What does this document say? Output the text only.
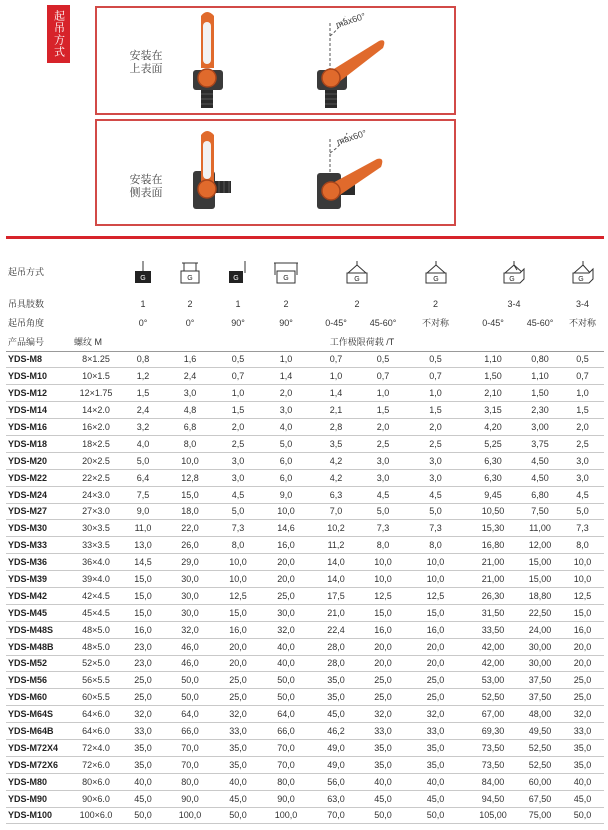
起吊方式	安装在上表面
max60°
安装在侧表面
max60°
起吊方式		G	G	G	G	G		G	G		G

吊具肢数		1	2	1	2	2		2	3-4		3-4
起吊角度		0°	0°	90°	90°	0-45°	45-60°	不对称	0-45°	45-60°	不对称
产品编号	螺纹 M	工作极限荷载 /T									
YDS-M8	8×1.25	0,8	1,6	0,5	1,0	0,7	0,5	0,5	1,10	0,80	0,5
YDS-M10	10×1.5	1,2	2,4	0,7	1,4	1,0	0,7	0,7	1,50	1,10	0,7
YDS-M12	12×1.75	1,5	3,0	1,0	2,0	1,4	1,0	1,0	2,10	1,50	1,0
YDS-M14	14×2.0	2,4	4,8	1,5	3,0	2,1	1,5	1,5	3,15	2,30	1,5
YDS-M16	16×2.0	3,2	6,8	2,0	4,0	2,8	2,0	2,0	4,20	3,00	2,0
YDS-M18	18×2.5	4,0	8,0	2,5	5,0	3,5	2,5	2,5	5,25	3,75	2,5
YDS-M20	20×2.5	5,0	10,0	3,0	6,0	4,2	3,0	3,0	6,30	4,50	3,0
YDS-M22	22×2.5	6,4	12,8	3,0	6,0	4,2	3,0	3,0	6,30	4,50	3,0
YDS-M24	24×3.0	7,5	15,0	4,5	9,0	6,3	4,5	4,5	9,45	6,80	4,5
YDS-M27	27×3.0	9,0	18,0	5,0	10,0	7,0	5,0	5,0	10,50	7,50	5,0
YDS-M30	30×3.5	11,0	22,0	7,3	14,6	10,2	7,3	7,3	15,30	11,00	7,3
YDS-M33	33×3.5	13,0	26,0	8,0	16,0	11,2	8,0	8,0	16,80	12,00	8,0
YDS-M36	36×4.0	14,5	29,0	10,0	20,0	14,0	10,0	10,0	21,00	15,00	10,0
YDS-M39	39×4.0	15,0	30,0	10,0	20,0	14,0	10,0	10,0	21,00	15,00	10,0
YDS-M42	42×4.5	15,0	30,0	12,5	25,0	17,5	12,5	12,5	26,30	18,80	12,5
YDS-M45	45×4.5	15,0	30,0	15,0	30,0	21,0	15,0	15,0	31,50	22,50	15,0
YDS-M48S	48×5.0	16,0	32,0	16,0	32,0	22,4	16,0	16,0	33,50	24,00	16,0
YDS-M48B	48×5.0	23,0	46,0	20,0	40,0	28,0	20,0	20,0	42,00	30,00	20,0
YDS-M52	52×5.0	23,0	46,0	20,0	40,0	28,0	20,0	20,0	42,00	30,00	20,0
YDS-M56	56×5.5	25,0	50,0	25,0	50,0	35,0	25,0	25,0	53,00	37,50	25,0
YDS-M60	60×5.5	25,0	50,0	25,0	50,0	35,0	25,0	25,0	52,50	37,50	25,0
YDS-M64S	64×6.0	32,0	64,0	32,0	64,0	45,0	32,0	32,0	67,00	48,00	32,0
YDS-M64B	64×6.0	33,0	66,0	33,0	66,0	46,2	33,0	33,0	69,30	49,50	33,0
YDS-M72X4	72×4.0	35,0	70,0	35,0	70,0	49,0	35,0	35,0	73,50	52,50	35,0
YDS-M72X6	72×6.0	35,0	70,0	35,0	70,0	49,0	35,0	35,0	73,50	52,50	35,0
YDS-M80	80×6.0	40,0	80,0	40,0	80,0	56,0	40,0	40,0	84,00	60,00	40,0
YDS-M90	90×6.0	45,0	90,0	45,0	90,0	63,0	45,0	45,0	94,50	67,50	45,0
YDS-M100	100×6.0	50,0	100,0	50,0	100,0	70,0	50,0	50,0	105,00	75,00	50,0
